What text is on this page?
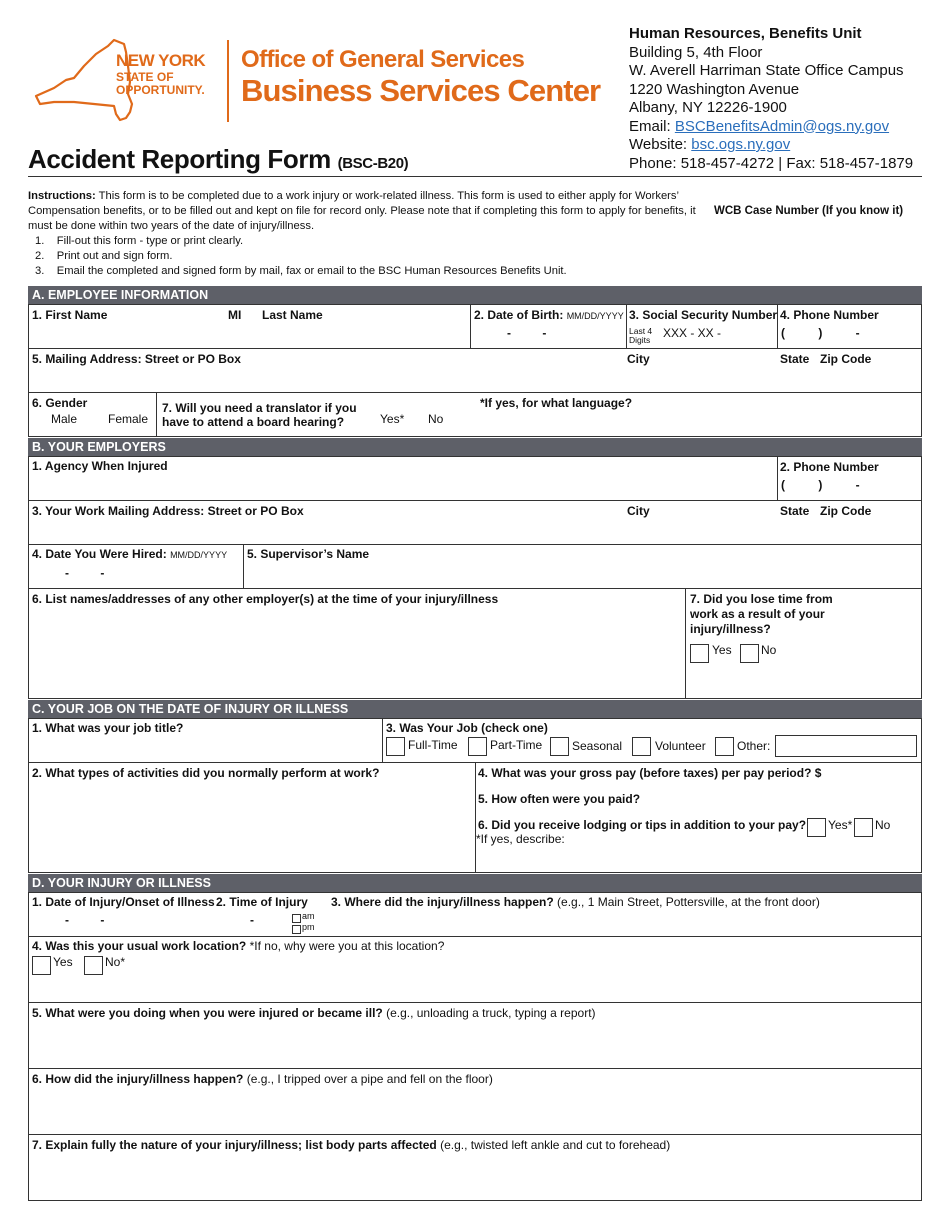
NEW YORK
STATE OF
OPPORTUNITY.
Office of General Services
Business Services Center
Accident Reporting Form (BSC-B20)
Human Resources, Benefits Unit
Building 5, 4th Floor
W. Averell Harriman State Office Campus
1220 Washington Avenue
Albany, NY 12226-1900
Email: BSCBenefitsAdmin@ogs.ny.gov
Website: bsc.ogs.ny.gov
Phone: 518-457-4272 | Fax: 518-457-1879
Instructions: This form is to be completed due to a work injury or work-related illness. This form is used to either apply for Workers’ Compensation benefits, or to be filled out and kept on file for record only. Please note that if completing this form to apply for benefits, it must be done within two years of the date of injury/illness.
1.    Fill-out this form - type or print clearly.
2.    Print out and sign form.
3.    Email the completed and signed form by mail, fax or email to the BSC Human Resources Benefits Unit.
WCB Case Number (If you know it)
A. EMPLOYEE INFORMATION
1. First Name	MI Last Name	2. Date of Birth: MM/DD/YYYY
- -
3. Social Security Number
Last 4
Digits XXX - XX -
4. Phone Number
( ) -
5. Mailing Address: Street or PO Box	City	State Zip Code
6. Gender
Male	Female
7. Will you need a translator if you
have to attend a board hearing?	Yes* No
*If yes, for what language?
B. YOUR EMPLOYERS
1. Agency When Injured	2. Phone Number
( ) -
3. Your Work Mailing Address: Street or PO Box	City	State Zip Code
4. Date You Were Hired: MM/DD/YYYY
- -
5. Supervisor’s Name
6. List names/addresses of any other employer(s) at the time of your injury/illness	7. Did you lose time from
work as a result of your
injury/illness?
Yes No
C. YOUR JOB ON THE DATE OF INJURY OR ILLNESS
1. What was your job title?	3. Was Your Job (check one)
Full-Time	Part-Time Seasonal	Volunteer	Other:
2. What types of activities did you normally perform at work?	4. What was your gross pay (before taxes) per pay period? $
5. How often were you paid?
6. Did you receive lodging or tips in addition to your pay? Yes* No
*If yes, describe:
D. YOUR INJURY OR ILLNESS
1. Date of Injury/Onset of Illness
- -
2. Time of Injury
-	am
pm
3. Where did the injury/illness happen? (e.g., 1 Main Street, Pottersville, at the front door)
4. Was this your usual work location? *If no, why were you at this location?
Yes	No*
5. What were you doing when you were injured or became ill? (e.g., unloading a truck, typing a report)
6. How did the injury/illness happen? (e.g., I tripped over a pipe and fell on the floor)
7. Explain fully the nature of your injury/illness; list body parts affected (e.g., twisted left ankle and cut to forehead)
